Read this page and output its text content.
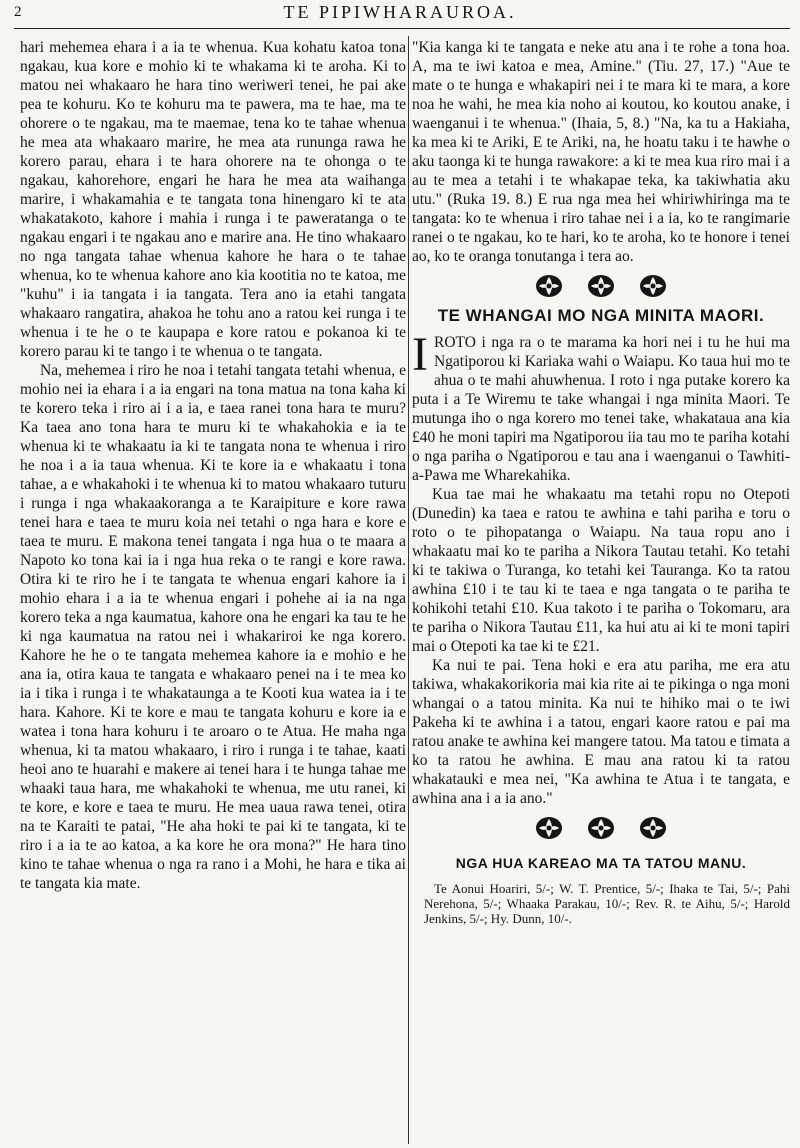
2	TE PIPIWHARAUROA.

hari mehemea ehara i a ia te whenua. Kua kohatu katoa tona ngakau, kua kore e mohio ki te whakama ki te aroha. Ki to matou nei whakaaro he hara tino weriweri tenei, he pai ake pea te kohuru. Ko te kohuru ma te pawera, ma te hae, ma te ohorere o te ngakau, ma te maemae, tena ko te tahae whenua he mea ata whakaaro marire, he mea ata rununga rawa he korero parau, ehara i te hara ohorere na te ohonga o te ngakau, kahorehore, engari he hara he mea ata waihanga marire, i whakamahia e te tangata tona hinengaro ki te ata whakatakoto, kahore i mahia i runga i te paweratanga o te ngakau engari i te ngakau ano e marire ana. He tino whakaaro no nga tangata tahae whenua kahore he hara o te tahae whenua, ko te whenua kahore ano kia kootitia no te katoa, me "kuhu" i ia tangata i ia tangata. Tera ano ia etahi tangata whakaaro rangatira, ahakoa he tohu ano a ratou kei runga i te whenua i te he o te kaupapa e kore ratou e pokanoa ki te korero parau ki te tango i te whenua o te tangata.

Na, mehemea i riro he noa i tetahi tangata tetahi whenua, e mohio nei ia ehara i a ia engari na tona matua na tona kaha ki te korero teka i riro ai i a ia, e taea ranei tona hara te muru? Ka taea ano tona hara te muru ki te whakahokia e ia te whenua ki te whakaatu ia ki te tangata nona te whenua i riro he noa i a ia taua whenua. Ki te kore ia e whakaatu i tona tahae, a e whakahoki i te whenua ki to matou whakaaro tuturu i runga i nga whakaakoranga a te Karaipiture e kore rawa tenei hara e taea te muru koia nei tetahi o nga hara e kore e taea te muru. E makona tenei tangata i nga hua o te maara a Napoto ko tona kai ia i nga hua reka o te rangi e kore rawa. Otira ki te riro he i te tangata te whenua engari kahore ia i mohio ehara i a ia te whenua engari i pohehe ai ia na nga korero teka a nga kaumatua, kahore ona he engari ka tau te he ki nga kaumatua na ratou nei i whakariroi ke nga korero. Kahore he he o te tangata mehemea kahore ia e mohio e he ana ia, otira kaua te tangata e whakaaro penei na i te mea ko ia i tika i runga i te whakataunga a te Kooti kua watea ia i te hara. Kahore. Ki te kore e mau te tangata kohuru e kore ia e watea i tona hara kohuru i te aroaro o te Atua. He maha nga whenua, ki ta matou whakaaro, i riro i runga i te tahae, kaati heoi ano te huarahi e makere ai tenei hara i te hunga tahae me whaaki taua hara, me whakahoki te whenua, me utu ranei, ki te kore, e kore e taea te muru. He mea uaua rawa tenei, otira na te Karaiti te patai, "He aha hoki te pai ki te tangata, ki te riro i a ia te ao katoa, a ka kore he ora mona?" He hara tino kino te tahae whenua o nga ra rano i a Mohi, he hara e tika ai te tangata kia mate.

"Kia kanga ki te tangata e neke atu ana i te rohe a tona hoa. A, ma te iwi katoa e mea, Amine." (Tiu. 27, 17.) "Aue te mate o te hunga e whakapiri nei i te mara ki te mara, a kore noa he wahi, he mea kia noho ai koutou, ko koutou anake, i waenganui i te whenua." (Ihaia, 5, 8.) "Na, ka tu a Hakiaha, ka mea ki te Ariki, E te Ariki, na, he hoatu taku i te hawhe o aku taonga ki te hunga rawakore: a ki te mea kua riro mai i a au te mea a tetahi i te whakapae teka, ka takiwhatia aku utu." (Ruka 19. 8.) E rua nga mea hei whiriwhiringa ma te tangata: ko te whenua i riro tahae nei i a ia, ko te rangimarie ranei o te ngakau, ko te hari, ko te aroha, ko te honore i tenei ao, ko te oranga tonutanga i tera ao.

TE WHANGAI MO NGA MINITA MAORI.
I ROTO i nga ra o te marama ka hori nei i tu he hui ma Ngatiporou ki Kariaka wahi o Waiapu. Ko taua hui mo te ahua o te mahi ahuwhenua. I roto i nga putake korero ka puta i a Te Wiremu te take whangai i nga minita Maori. Te mutunga iho o nga korero mo tenei take, whakataua ana kia £40 he moni tapiri ma Ngatiporou iia tau mo te pariha kotahi o nga pariha o Ngatiporou e tau ana i waenganui o Tawhiti-a-Pawa me Wharekahika.

Kua tae mai he whakaatu ma tetahi ropu no Otepoti (Dunedin) ka taea e ratou te awhina e tahi pariha e toru o roto o te pihopatanga o Waiapu. Na taua ropu ano i whakaatu mai ko te pariha a Nikora Tautau tetahi. Ko tetahi ki te takiwa o Turanga, ko tetahi kei Tauranga. Ko ta ratou awhina £10 i te tau ki te taea e nga tangata o te pariha te kohikohi tetahi £10. Kua takoto i te pariha o Tokomaru, ara te pariha o Nikora Tautau £11, ka hui atu ai ki te moni tapiri mai o Otepoti ka tae ki te £21.

Ka nui te pai. Tena hoki e era atu pariha, me era atu takiwa, whakakorikoria mai kia rite ai te pikinga o nga moni whangai o a tatou minita. Ka nui te hihiko mai o te iwi Pakeha ki te awhina i a tatou, engari kaore ratou e pai ma ratou anake te awhina kei mangere tatou. Ma tatou e timata a ko ta ratou he awhina. E mau ana ratou ki ta ratou whakatauki e mea nei, "Ka awhina te Atua i te tangata, e awhina ana i a ia ano."

NGA HUA KAREAO MA TA TATOU MANU.

Te Aonui Hoariri, 5/-; W. T. Prentice, 5/-; Ihaka te Tai, 5/-; Pahi Nerehona, 5/-; Whaaka Parakau, 10/-; Rev. R. te Aihu, 5/-; Harold Jenkins, 5/-; Hy. Dunn, 10/-.
